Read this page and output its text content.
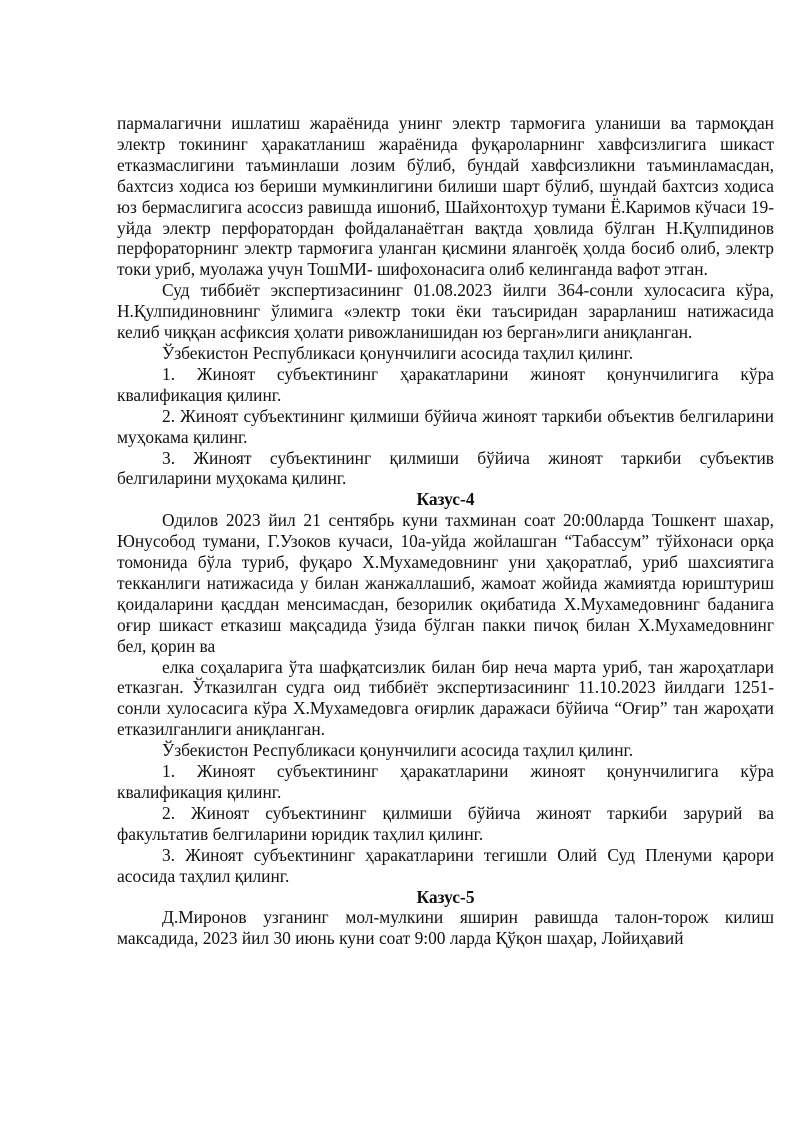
пармалагични ишлатиш жараёнида унинг электр тармоғига уланиши ва тармоқдан электр токининг ҳаракатланиш жараёнида фуқароларнинг хавфсизлигига шикаст етказмаслигини таъминлаши лозим бўлиб, бундай хавфсизликни таъминламасдан, бахтсиз ходиса юз бериши мумкинлигини билиши шарт бўлиб, шундай бахтсиз ходиса юз бермаслигига асоссиз равишда ишониб, Шайхонтоҳур тумани Ё.Каримов кўчаси 19-уйда электр перфоратордан фойдаланаётган вақтда ҳовлида бўлган Н.Қулпидинов перфораторнинг электр тармоғига уланган қисмини ялангоёқ ҳолда босиб олиб, электр токи уриб, муолажа учун ТошМИ- шифохонасига олиб келинганда вафот этган.

Суд тиббиёт экспертизасининг 01.08.2023 йилги 364-сонли хулосасига кўра, Н.Қулпидиновнинг ўлимига «электр токи ёки таъсиридан зарарланиш натижасида келиб чиққан асфиксия ҳолати ривожланишидан юз берган»лиги аниқланган.

Ўзбекистон Республикаси қонунчилиги асосида таҳлил қилинг.

1. Жиноят субъектининг ҳаракатларини жиноят қонунчилигига кўра квалификация қилинг.

2. Жиноят субъектининг қилмиши бўйича жиноят таркиби объектив белгиларини муҳокама қилинг.

3. Жиноят субъектининг қилмиши бўйича жиноят таркиби субъектив белгиларини муҳокама қилинг.

Казус-4

Одилов 2023 йил 21 сентябрь куни тахминан соат 20:00ларда Тошкент шахар, Юнусобод тумани, Г.Узоков кучаси, 10а-уйда жойлашган “Табассум” тўйхонаси орқа томонида бўла туриб, фуқаро Х.Мухамедовнинг уни ҳақоратлаб, уриб шахсиятига текканлиги натижасида у билан жанжаллашиб, жамоат жойида жамиятда юриштуриш қоидаларини қасддан менсимасдан, безорилик оқибатида Х.Мухамедовнинг баданига оғир шикаст етказиш мақсадида ўзида бўлган пакки пичоқ билан Х.Мухамедовнинг бел, қорин ва

елка соҳаларига ўта шафқатсизлик билан бир неча марта уриб, тан жароҳатлари етказган. Ўтказилган судга оид тиббиёт экспертизасининг 11.10.2023 йилдаги 1251-сонли хулосасига кўра Х.Мухамедовга оғирлик даражаси бўйича “Оғир” тан жароҳати етказилганлиги аниқланган.

Ўзбекистон Республикаси қонунчилиги асосида таҳлил қилинг.

1. Жиноят субъектининг ҳаракатларини жиноят қонунчилигига кўра квалификация қилинг.

2. Жиноят субъектининг қилмиши бўйича жиноят таркиби зарурий ва факультатив белгиларини юридик таҳлил қилинг.

3. Жиноят субъектининг ҳаракатларини тегишли Олий Суд Пленуми қарори асосида таҳлил қилинг.

Казус-5

Д.Миронов узганинг мол-мулкини яширин равишда талон-торож килиш максадида, 2023 йил 30 июнь куни соат 9:00 ларда Қўқон шаҳар, Лойиҳавий
